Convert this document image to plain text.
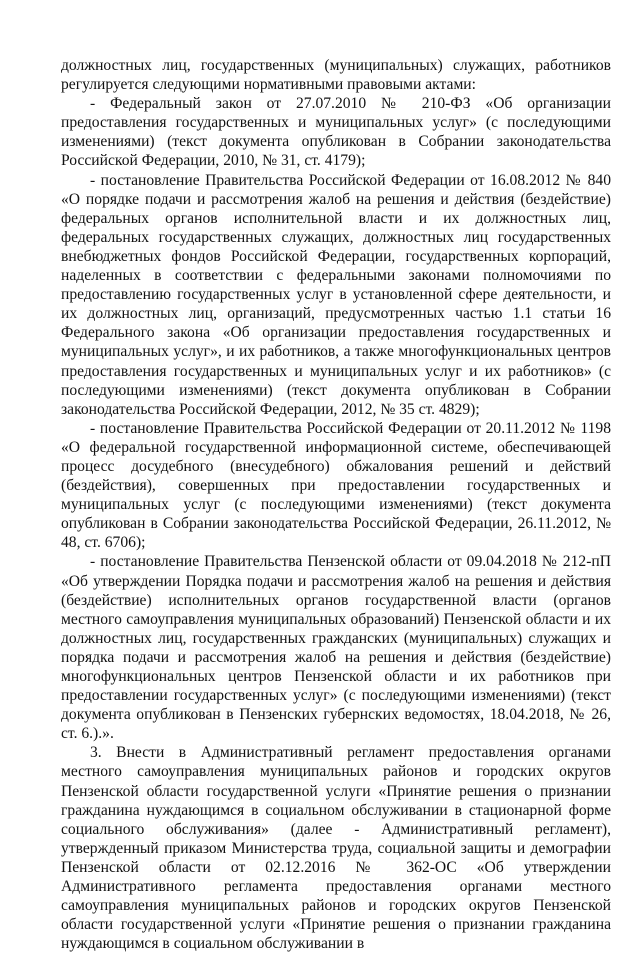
должностных лиц, государственных (муниципальных) служащих, работников регулируется следующими нормативными правовыми актами:

- Федеральный закон от 27.07.2010 № 210-ФЗ «Об организации предоставления государственных и муниципальных услуг» (с последующими изменениями) (текст документа опубликован в Собрании законодательства Российской Федерации, 2010, № 31, ст. 4179);

- постановление Правительства Российской Федерации от 16.08.2012 № 840 «О порядке подачи и рассмотрения жалоб на решения и действия (бездействие) федеральных органов исполнительной власти и их должностных лиц, федеральных государственных служащих, должностных лиц государственных внебюджетных фондов Российской Федерации, государственных корпораций, наделенных в соответствии с федеральными законами полномочиями по предоставлению государственных услуг в установленной сфере деятельности, и их должностных лиц, организаций, предусмотренных частью 1.1 статьи 16 Федерального закона «Об организации предоставления государственных и муниципальных услуг», и их работников, а также многофункциональных центров предоставления государственных и муниципальных услуг и их работников» (с последующими изменениями) (текст документа опубликован в Собрании законодательства Российской Федерации, 2012, № 35 ст. 4829);

- постановление Правительства Российской Федерации от 20.11.2012 № 1198 «О федеральной государственной информационной системе, обеспечивающей процесс досудебного (внесудебного) обжалования решений и действий (бездействия), совершенных при предоставлении государственных и муниципальных услуг (с последующими изменениями) (текст документа опубликован в Собрании законодательства Российской Федерации, 26.11.2012, № 48, ст. 6706);

- постановление Правительства Пензенской области от 09.04.2018 № 212-пП «Об утверждении Порядка подачи и рассмотрения жалоб на решения и действия (бездействие) исполнительных органов государственной власти (органов местного самоуправления муниципальных образований) Пензенской области и их должностных лиц, государственных гражданских (муниципальных) служащих и порядка подачи и рассмотрения жалоб на решения и действия (бездействие) многофункциональных центров Пензенской области и их работников при предоставлении государственных услуг» (с последующими изменениями) (текст документа опубликован в Пензенских губернских ведомостях, 18.04.2018, № 26, ст. 6.).».

3. Внести в Административный регламент предоставления органами местного самоуправления муниципальных районов и городских округов Пензенской области государственной услуги «Принятие решения о признании гражданина нуждающимся в социальном обслуживании в стационарной форме социального обслуживания» (далее - Административный регламент), утвержденный приказом Министерства труда, социальной защиты и демографии Пензенской области от 02.12.2016 № 362-ОС «Об утверждении Административного регламента предоставления органами местного самоуправления муниципальных районов и городских округов Пензенской области государственной услуги «Принятие решения о признании гражданина нуждающимся в социальном обслуживании в
